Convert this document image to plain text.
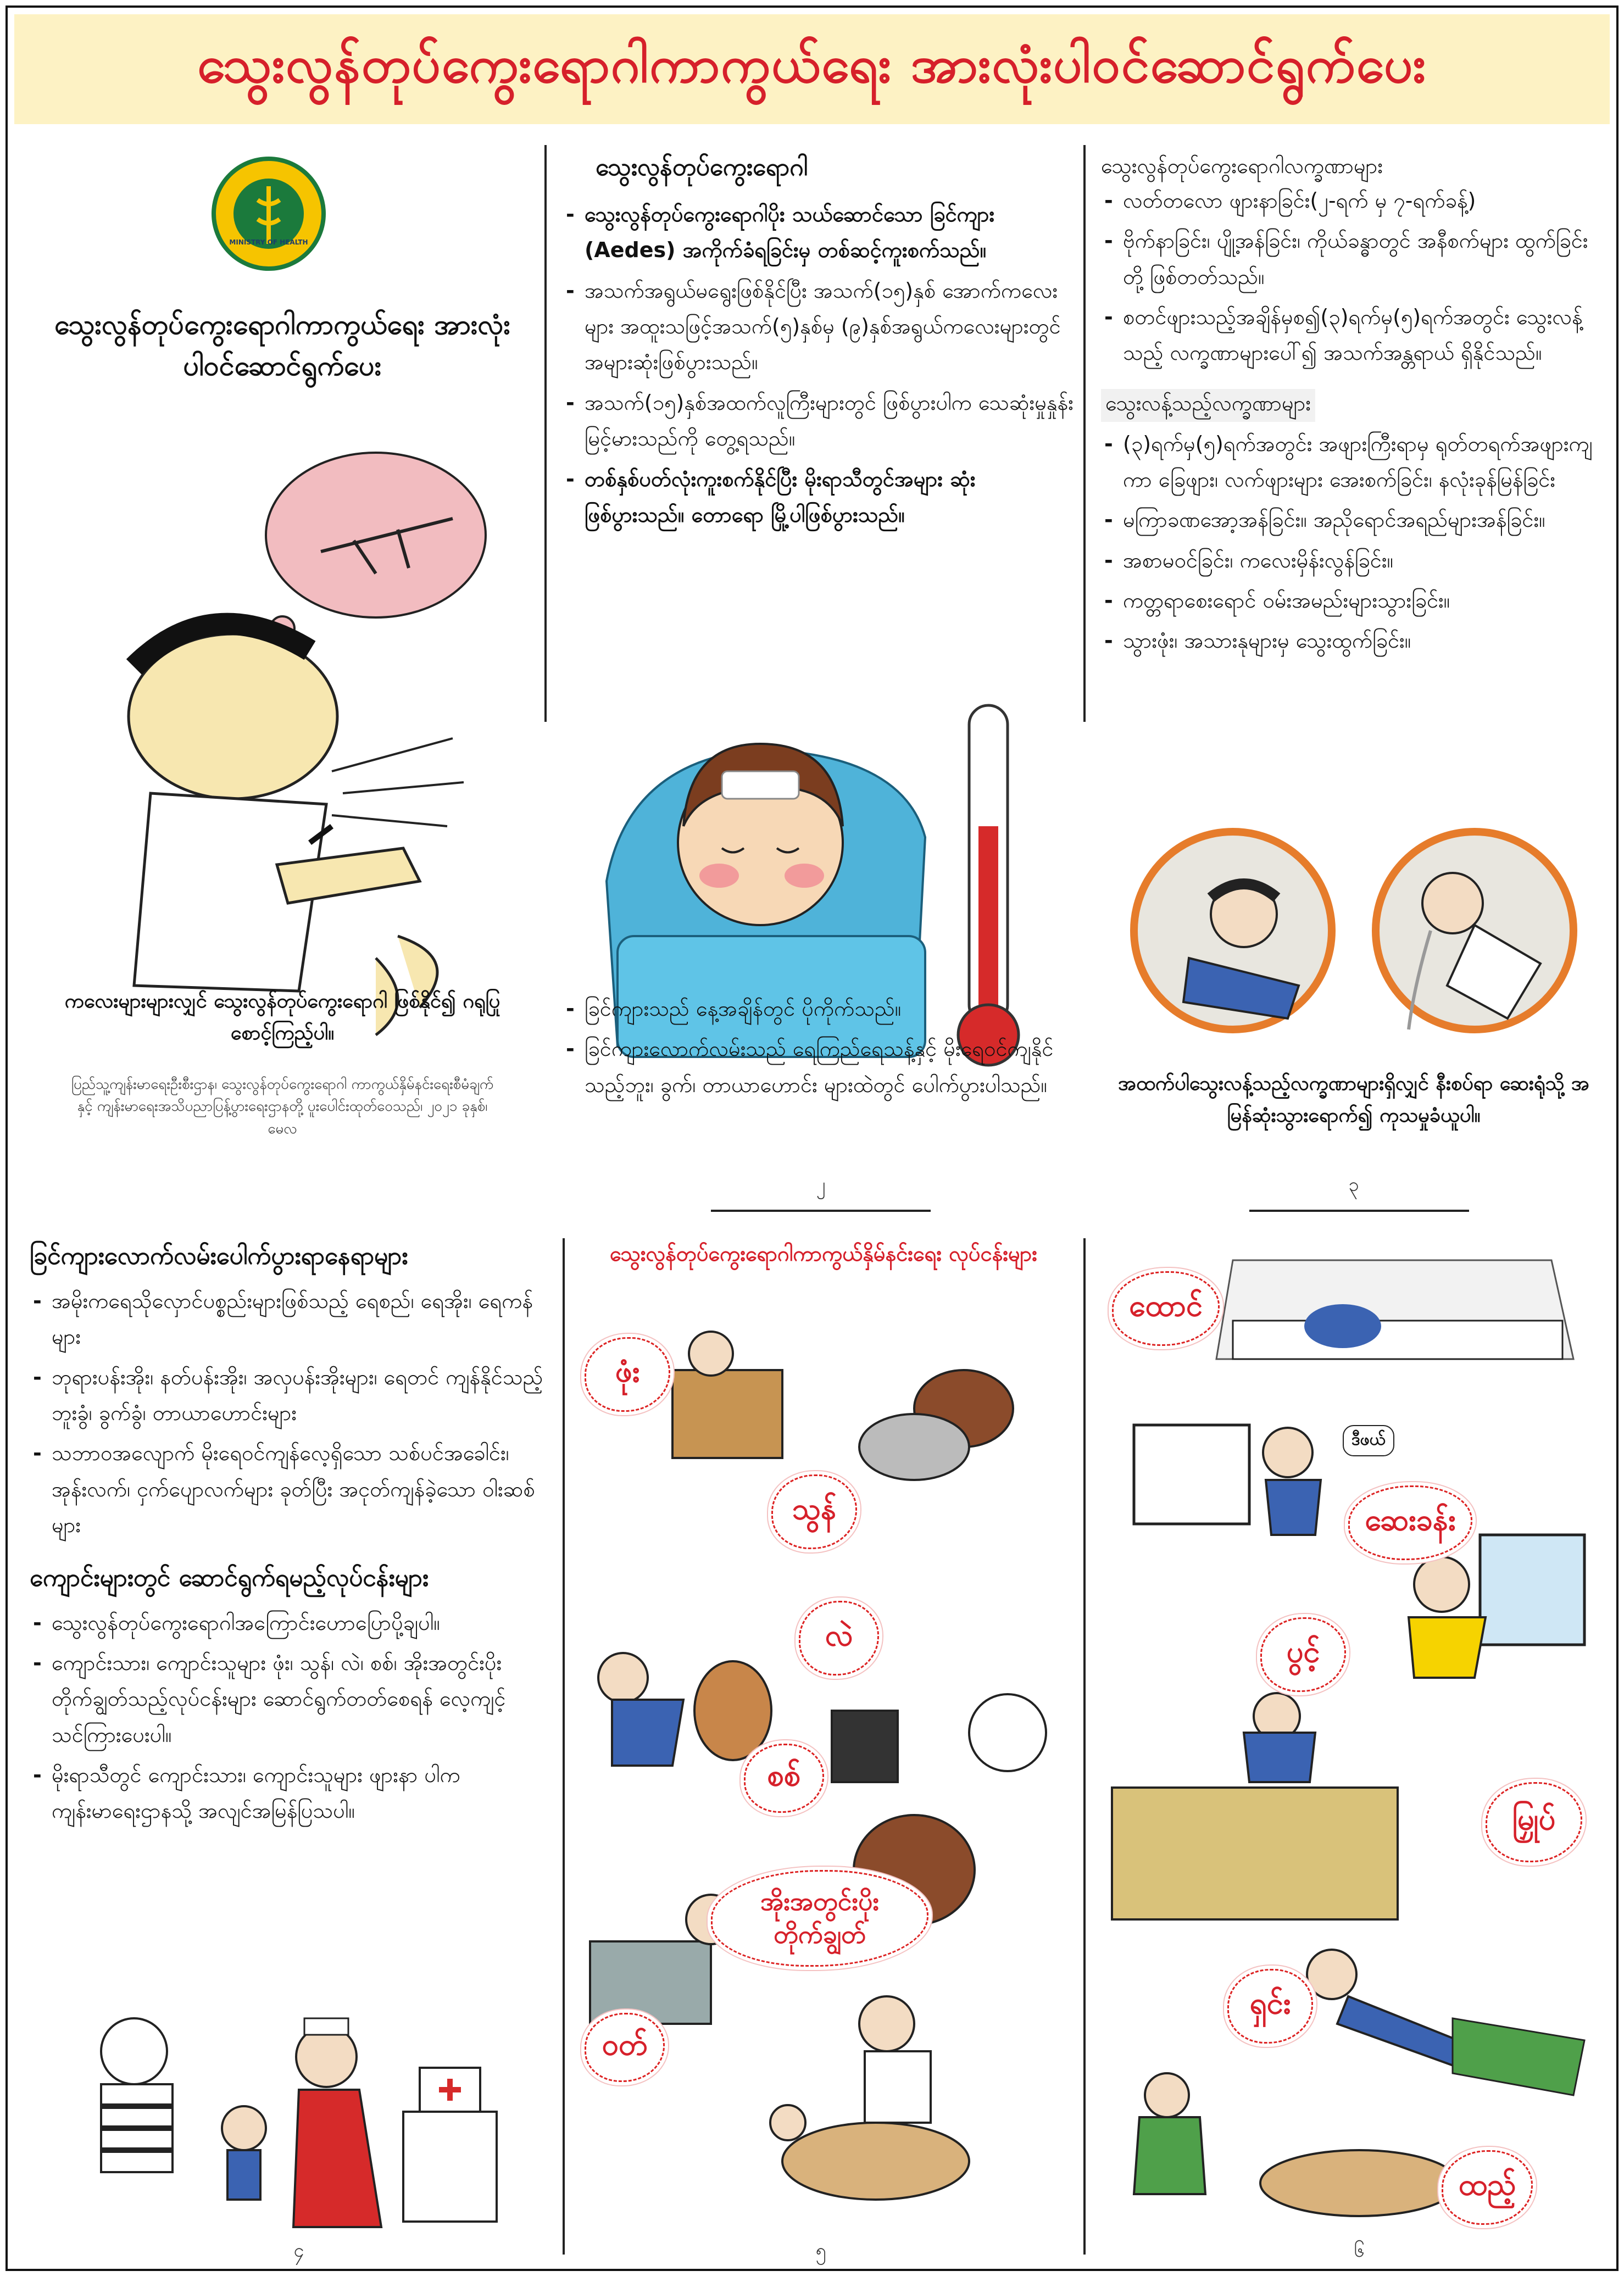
သွေးလွန်တုပ်ကွေးရောဂါကာကွယ်ရေး အားလုံးပါဝင်ဆောင်ရွက်ပေး
MINISTRY OF HEALTH
သွေးလွန်တုပ်ကွေးရောဂါကာကွယ်ရေး အားလုံးပါဝင်ဆောင်ရွက်ပေး
ကလေးများများလျှင် သွေးလွန်တုပ်ကွေးရောဂါ ဖြစ်နိုင်၍ ဂရုပြုစောင့်ကြည့်ပါ။
ပြည်သူ့ကျန်းမာရေးဦးစီးဌာန၊ သွေးလွန်တုပ်ကွေးရောဂါ ကာကွယ်နှိမ်နင်းရေးစီမံချက်နှင့် ကျန်းမာရေးအသိပညာပြန့်ပွားရေးဌာနတို့ ပူးပေါင်းထုတ်ဝေသည်၊ ၂၀၂၁ ခုနှစ်၊ မေလ
သွေးလွန်တုပ်ကွေးရောဂါ
- သွေးလွန်တုပ်ကွေးရောဂါပိုး သယ်ဆောင်သော ခြင်ကျား (Aedes) အကိုက်ခံရခြင်းမှ တစ်ဆင့်ကူးစက်သည်။
- အသက်အရွယ်မရွေးဖြစ်နိုင်ပြီး အသက်(၁၅)နှစ် အောက်ကလေးများ အထူးသဖြင့်အသက်(၅)နှစ်မှ (၉)နှစ်အရွယ်ကလေးများတွင် အများဆုံးဖြစ်ပွားသည်။
- အသက်(၁၅)နှစ်အထက်လူကြီးများတွင် ဖြစ်ပွားပါက သေဆုံးမှုနှုန်းမြင့်မားသည်ကို တွေ့ရသည်။
- တစ်နှစ်ပတ်လုံးကူးစက်နိုင်ပြီး မိုးရာသီတွင်အများ ဆုံးဖြစ်ပွားသည်။ တောရော မြို့ပါဖြစ်ပွားသည်။
- ခြင်ကျားသည် နေ့အချိန်တွင် ပိုကိုက်သည်။
- ခြင်ကျားလောက်လမ်းသည် ရေကြည်ရေသန့်နှင့် မိုးရေဝင်ကျနိုင်သည့်ဘူး၊ ခွက်၊ တာယာဟောင်း များထဲတွင် ပေါက်ပွားပါသည်။
၂
သွေးလွန်တုပ်ကွေးရောဂါလက္ခဏာများ
- လတ်တလော ဖျားနာခြင်း(၂-ရက် မှ ၇-ရက်ခန့်)
- ဗိုက်နာခြင်း၊ ပျို့အန်ခြင်း၊ ကိုယ်ခန္ဓာတွင် အနီစက်များ ထွက်ခြင်းတို့ ဖြစ်တတ်သည်။
- စတင်ဖျားသည့်အချိန်မှစ၍(၃)ရက်မှ(၅)ရက်အတွင်း သွေးလန့်သည့် လက္ခဏာများပေါ်၍ အသက်အန္တရာယ် ရှိနိုင်သည်။
သွေးလန့်သည့်လက္ခဏာများ
- (၃)ရက်မှ(၅)ရက်အတွင်း အဖျားကြီးရာမှ ရုတ်တရက်အဖျားကျကာ ခြေဖျား၊ လက်ဖျားများ အေးစက်ခြင်း၊ နလုံးခုန်မြန်ခြင်း
- မကြာခဏအော့အန်ခြင်း။ အညိုရောင်အရည်များအန်ခြင်း။
- အစာမဝင်ခြင်း၊ ကလေးမှိန်းလွန်ခြင်း။
- ကတ္တရာစေးရောင် ဝမ်းအမည်းများသွားခြင်း။
- သွားဖုံး၊ အသားနုများမှ သွေးထွက်ခြင်း။
အထက်ပါသွေးလန့်သည့်လက္ခဏာများရှိလျှင် နီးစပ်ရာ ဆေးရုံသို့ အမြန်ဆုံးသွားရောက်၍ ကုသမှုခံယူပါ။
၃
ခြင်ကျားလောက်လမ်းပေါက်ပွားရာနေရာများ
- အမိုးကရေသိုလှောင်ပစ္စည်းများဖြစ်သည့် ရေစည်၊ ရေအိုး၊ ရေကန်များ
- ဘုရားပန်းအိုး၊ နတ်ပန်းအိုး၊ အလှပန်းအိုးများ၊ ရေတင် ကျန်နိုင်သည့် ဘူးခွံ၊ ခွက်ခွံ၊ တာယာဟောင်းများ
- သဘာဝအလျောက် မိုးရေဝင်ကျန်လေ့ရှိသော သစ်ပင်အခေါင်း၊ အုန်းလက်၊ ငှက်ပျောလက်များ ခုတ်ပြီး အငုတ်ကျန်ခဲ့သော ဝါးဆစ်များ
ကျောင်းများတွင် ဆောင်ရွက်ရမည့်လုပ်ငန်းများ
- သွေးလွန်တုပ်ကွေးရောဂါအကြောင်းဟောပြောပို့ချပါ။
- ကျောင်းသား၊ ကျောင်းသူများ ဖုံး၊ သွန်၊ လဲ၊ စစ်၊ အိုးအတွင်းပိုးတိုက်ချွတ်သည့်လုပ်ငန်းများ ဆောင်ရွက်တတ်စေရန် လေ့ကျင့်သင်ကြားပေးပါ။
- မိုးရာသီတွင် ကျောင်းသား၊ ကျောင်းသူများ ဖျားနာ ပါက ကျန်းမာရေးဌာနသို့ အလျင်အမြန်ပြသပါ။
၄
သွေးလွန်တုပ်ကွေးရောဂါကာကွယ်နှိမ်နင်းရေး လုပ်ငန်းများ
ဖုံး
သွန်
လဲ
စစ်
အိုးအတွင်းပိုး တိုက်ချွတ်
ဝတ်
၅
ထောင်
ဒီဖယ်
ဆေးခန်း
ပွင့်
မြှုပ်
ရှင်း
ထည့်
၆
